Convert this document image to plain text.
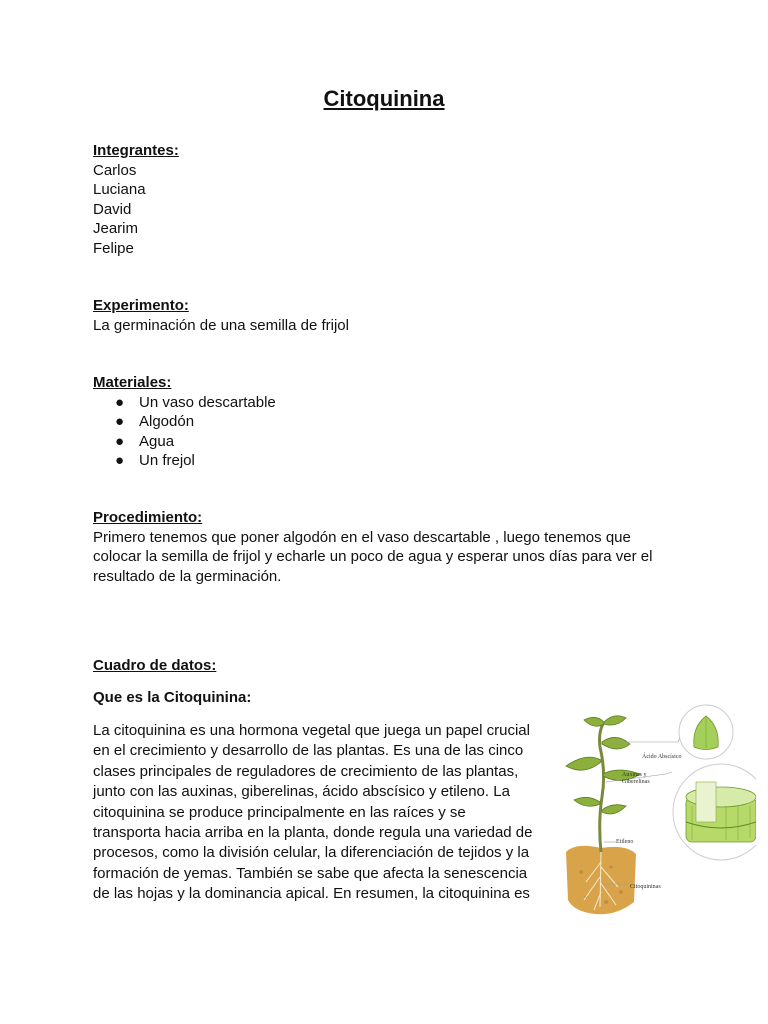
Citoquinina
Integrantes:
Carlos
Luciana
David
Jearim
Felipe
Experimento:
La germinación de una semilla de frijol
Materiales:
● Un vaso descartable
● Algodón
● Agua
● Un frejol
Procedimiento:
Primero tenemos que poner algodón en el vaso descartable , luego tenemos que
colocar la semilla de frijol y echarle un poco de agua y esperar unos días para ver el
resultado de la germinación.
Cuadro de datos:
Que es la Citoquinina:
La citoquinina es una hormona vegetal que juega un papel crucial
en el crecimiento y desarrollo de las plantas. Es una de las cinco
clases principales de reguladores de crecimiento de las plantas,
junto con las auxinas, giberelinas, ácido abscísico y etileno. La
citoquinina se produce principalmente en las raíces y se
transporta hacia arriba en la planta, donde regula una variedad de
procesos, como la división celular, la diferenciación de tejidos y la
formación de yemas. También se sabe que afecta la senescencia
de las hojas y la dominancia apical. En resumen, la citoquinina es
Ácido Abscísico
Auxinas y
Giberelinas
Etileno
Citoquininas
